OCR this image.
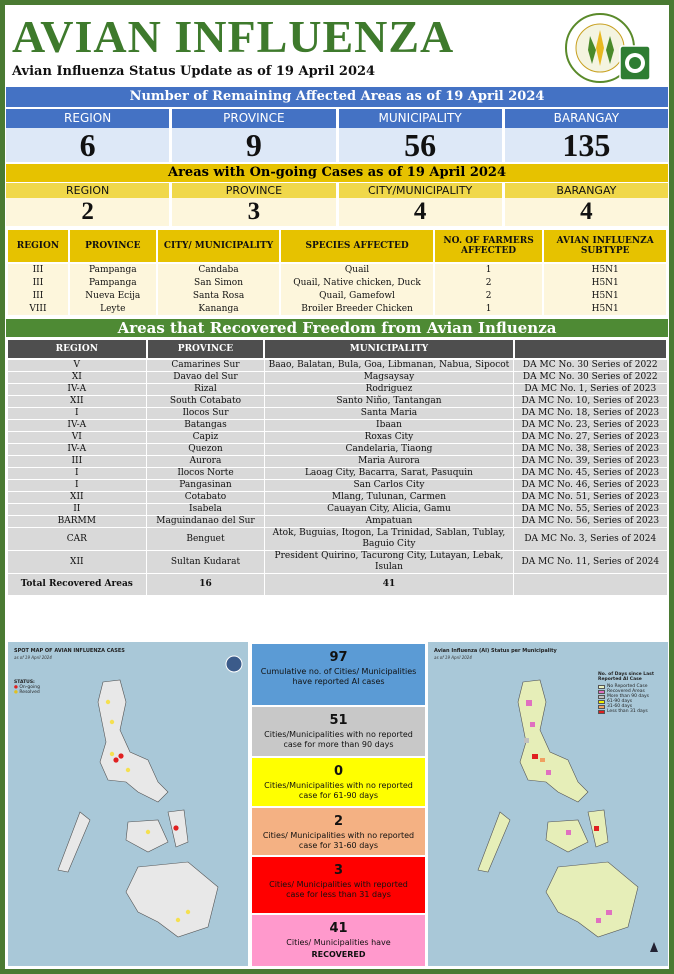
AVIAN INFLUENZA
Avian Influenza Status Update as of 19 April 2024
Number of Remaining Affected Areas as of 19 April 2024
REGION	PROVINCE	MUNICIPALITY	BARANGAY
6	9	56	135
Areas with On-going Cases as of 19 April 2024
REGION	PROVINCE	CITY/MUNICIPALITY	BARANGAY
2	3	4	4
REGION	PROVINCE	CITY/ MUNICIPALITY	SPECIES AFFECTED	NO. OF FARMERS AFFECTED	AVIAN INFLUENZA SUBTYPE
III	Pampanga	Candaba	Quail	1	H5N1
III	Pampanga	San Simon	Quail, Native chicken, Duck	2	H5N1
III	Nueva Ecija	Santa Rosa	Quail, Gamefowl	2	H5N1
VIII	Leyte	Kananga	Broiler Breeder Chicken	1	H5N1
Areas that Recovered Freedom from Avian Influenza
REGION	PROVINCE	MUNICIPALITY	
V	Camarines Sur	Baao, Balatan, Bula, Goa, Libmanan, Nabua, Sipocot	DA MC No. 30 Series of 2022
XI	Davao del Sur	Magsaysay	DA MC No. 30 Series of 2022
IV-A	Rizal	Rodriguez	DA MC No. 1, Series of 2023
XII	South Cotabato	Santo Niño, Tantangan	DA MC No. 10, Series of 2023
I	Ilocos Sur	Santa Maria	DA MC No. 18, Series of 2023
IV-A	Batangas	Ibaan	DA MC No. 23, Series of 2023
VI	Capiz	Roxas City	DA MC No. 27, Series of 2023
IV-A	Quezon	Candelaria, Tiaong	DA MC No. 38, Series of 2023
III	Aurora	Maria Aurora	DA MC No. 39, Series of 2023
I	Ilocos Norte	Laoag City, Bacarra, Sarat, Pasuquin	DA MC No. 45, Series of 2023
I	Pangasinan	San Carlos City	DA MC No. 46, Series of 2023
XII	Cotabato	Mlang, Tulunan, Carmen	DA MC No. 51, Series of 2023
II	Isabela	Cauayan City, Alicia, Gamu	DA MC No. 55, Series of 2023
BARMM	Maguindanao del Sur	Ampatuan	DA MC No. 56, Series of 2023
CAR	Benguet	Atok, Buguias, Itogon, La Trinidad, Sablan, Tublay, Baguio City	DA MC No. 3, Series of 2024
XII	Sultan Kudarat	President Quirino, Tacurong City, Lutayan, Lebak, Isulan	DA MC No. 11, Series of 2024
Total Recovered Areas	16	41	
SPOT MAP OF AVIAN INFLUENZA CASES
as of 19 April 2024
STATUS:
● On-going
● Resolved
97
Cumulative no. of Cities/ Municipalities have reported AI cases
51
Cities/Municipalities with no reported case for more than 90 days
0
Cities/Municipalities with no reported case for 61-90 days
2
Cities/ Municipalities with no reported case for 31-60 days
3
Cities/ Municipalities with reported case for less than 31 days
41
Cities/ Municipalities have
RECOVERED
Avian Influenza (AI) Status per Municipality
as of 19 April 2024
No. of Days since Last Reported AI Case
No Reported Case
Recovered Areas
More than 90 days
61-90 days
31-60 days
Less than 31 days
